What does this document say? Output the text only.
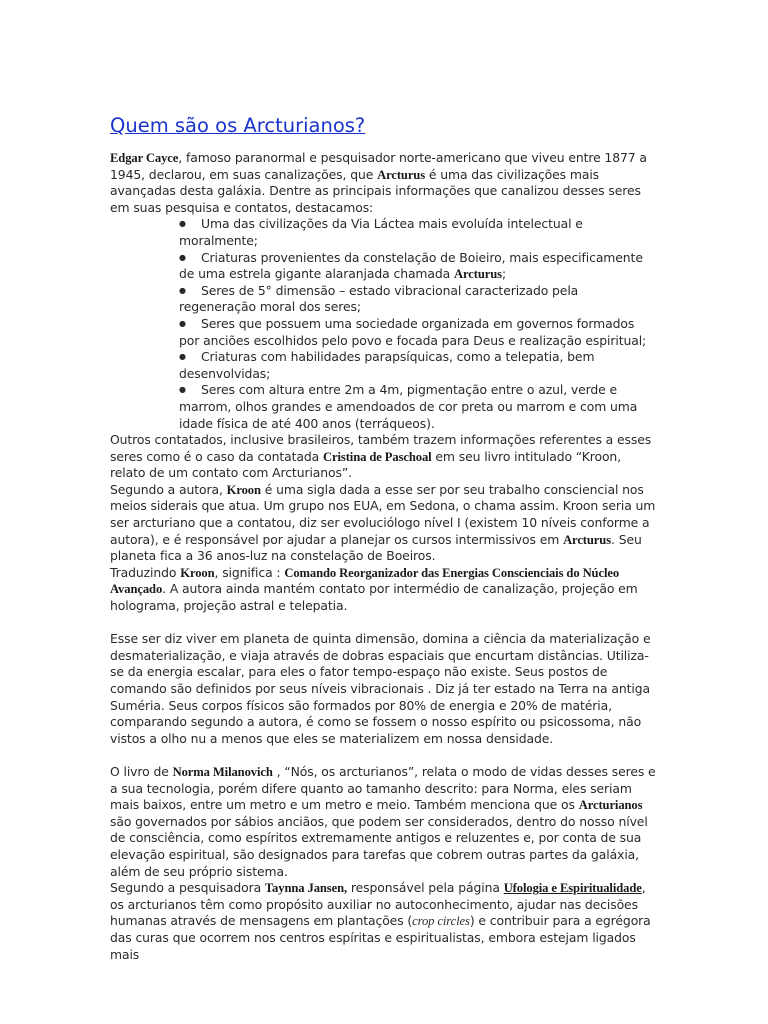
Quem são os Arcturianos?

Edgar Cayce, famoso paranormal e pesquisador norte-americano que viveu entre 1877 a 1945, declarou, em suas canalizações, que Arcturus é uma das civilizações mais avançadas desta galáxia. Dentre as principais informações que canalizou desses seres em suas pesquisa e contatos, destacamos:

●	Uma das civilizações da Via Láctea mais evoluída intelectual e moralmente;
●	Criaturas provenientes da constelação de Boieiro, mais especificamente de uma estrela gigante alaranjada chamada Arcturus;
●	Seres de 5° dimensão – estado vibracional caracterizado pela regeneração moral dos seres;
●	Seres que possuem uma sociedade organizada em governos formados por anciões escolhidos pelo povo e focada para Deus e realização espiritual;
●	Criaturas com habilidades parapsíquicas, como a telepatia, bem desenvolvidas;
●	Seres com altura entre 2m a 4m, pigmentação entre o azul, verde e marrom, olhos grandes e amendoados de cor preta ou marrom e com uma idade física de até 400 anos (terráqueos).

Outros contatados, inclusive brasileiros, também trazem informações referentes a esses seres como é o caso da contatada Cristina de Paschoal em seu livro intitulado “Kroon, relato de um contato com Arcturianos”.

Segundo a autora, Kroon é uma sigla dada a esse ser por seu trabalho consciencial nos meios siderais que atua. Um grupo nos EUA, em Sedona, o chama assim. Kroon seria um ser arcturiano que a contatou, diz ser evoluciólogo nível I (existem 10 níveis conforme a autora), e é responsável por ajudar a planejar os cursos intermissivos em Arcturus. Seu planeta fica a 36 anos-luz na constelação de Boeiros.

Traduzindo Kroon, significa : Comando Reorganizador das Energias Conscienciais do Núcleo Avançado. A autora ainda mantém contato por intermédio de canalização, projeção em holograma, projeção astral e telepatia.

Esse ser diz viver em planeta de quinta dimensão, domina a ciência da materialização e desmaterialização, e viaja através de dobras espaciais que encurtam distâncias. Utiliza-se da energia escalar, para eles o fator tempo-espaço não existe. Seus postos de comando são definidos por seus níveis vibracionais . Diz já ter estado na Terra na antiga Suméria. Seus corpos físicos são formados por 80% de energia e 20% de matéria, comparando segundo a autora, é como se fossem o nosso espírito ou psicossoma, não vistos a olho nu a menos que eles se materializem em nossa densidade.

O livro de Norma Milanovich , “Nós, os arcturianos”, relata o modo de vidas desses seres e a sua tecnologia, porém difere quanto ao tamanho descrito: para Norma, eles seriam mais baixos, entre um metro e um metro e meio. Também menciona que os Arcturianos são governados por sábios anciãos, que podem ser considerados, dentro do nosso nível de consciência, como espíritos extremamente antigos e reluzentes e, por conta de sua elevação espiritual, são designados para tarefas que cobrem outras partes da galáxia, além de seu próprio sistema.

Segundo a pesquisadora Taynna Jansen, responsável pela página Ufologia e Espiritualidade, os arcturianos têm como propósito auxiliar no autoconhecimento, ajudar nas decisões humanas através de mensagens em plantações (crop circles) e contribuir para a egrégora das curas que ocorrem nos centros espíritas e espiritualistas, embora estejam ligados mais
